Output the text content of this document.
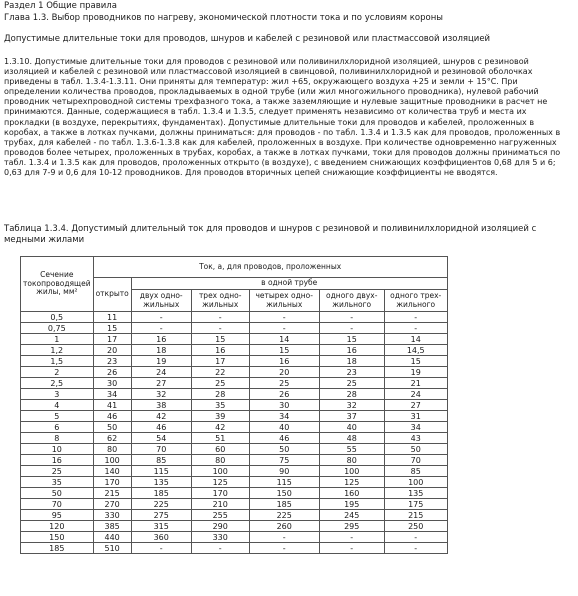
Раздел 1 Общие правила
Глава 1.3. Выбор проводников по нагреву, экономической плотности тока и по условиям короны
Допустимые длительные токи для проводов, шнуров и кабелей с резиновой или пластмассовой изоляцией

1.3.10. Допустимые длительные токи для проводов с резиновой или поливинилхлоридной изоляцией, шнуров с резиновой изоляцией и кабелей с резиновой или пластмассовой изоляцией в свинцовой, поливинилхлоридной и резиновой оболочках приведены в табл. 1.3.4-1.3.11. Они приняты для температур: жил +65, окружающего воздуха +25 и земли + 15°С. При определении количества проводов, прокладываемых в одной трубе (или жил многожильного проводника), нулевой рабочий проводник четырехпроводной системы трехфазного тока, а также заземляющие и нулевые защитные проводники в расчет не принимаются. Данные, содержащиеся в табл. 1.3.4 и 1.3.5, следует применять независимо от количества труб и места их прокладки (в воздухе, перекрытиях, фундаментах). Допустимые длительные токи для проводов и кабелей, проложенных в коробах, а также в лотках пучками, должны приниматься: для проводов - по табл. 1.3.4 и 1.3.5 как для проводов, проложенных в трубах, для кабелей - по табл. 1.3.6-1.3.8 как для кабелей, проложенных в воздухе. При количестве одновременно нагруженных проводов более четырех, проложенных в трубах, коробах, а также в лотках пучками, токи для проводов должны приниматься по табл. 1.3.4 и 1.3.5 как для проводов, проложенных открыто (в воздухе), с введением снижающих коэффициентов 0,68 для 5 и 6; 0,63 для 7-9 и 0,6 для 10-12 проводников. Для проводов вторичных цепей снижающие коэффициенты не вводятся.

Таблица 1.3.4. Допустимый длительный ток для проводов и шнуров с резиновой и поливинилхлоридной изоляцией с медными жилами

Сечение токопроводящей жилы, мм²	Ток, а, для проводов, проложенных					
	открыто	в одной трубе				
		двух одно-жильных	трех одно-жильных	четырех одно-жильных	одного двух-жильного	одного трех-жильного
0,5	11	-	-	-	-	-
0,75	15	-	-	-	-	-
1	17	16	15	14	15	14
1,2	20	18	16	15	16	14,5
1,5	23	19	17	16	18	15
2	26	24	22	20	23	19
2,5	30	27	25	25	25	21
3	34	32	28	26	28	24
4	41	38	35	30	32	27
5	46	42	39	34	37	31
6	50	46	42	40	40	34
8	62	54	51	46	48	43
10	80	70	60	50	55	50
16	100	85	80	75	80	70
25	140	115	100	90	100	85
35	170	135	125	115	125	100
50	215	185	170	150	160	135
70	270	225	210	185	195	175
95	330	275	255	225	245	215
120	385	315	290	260	295	250
150	440	360	330	-	-	-
185	510	-	-	-	-	-
